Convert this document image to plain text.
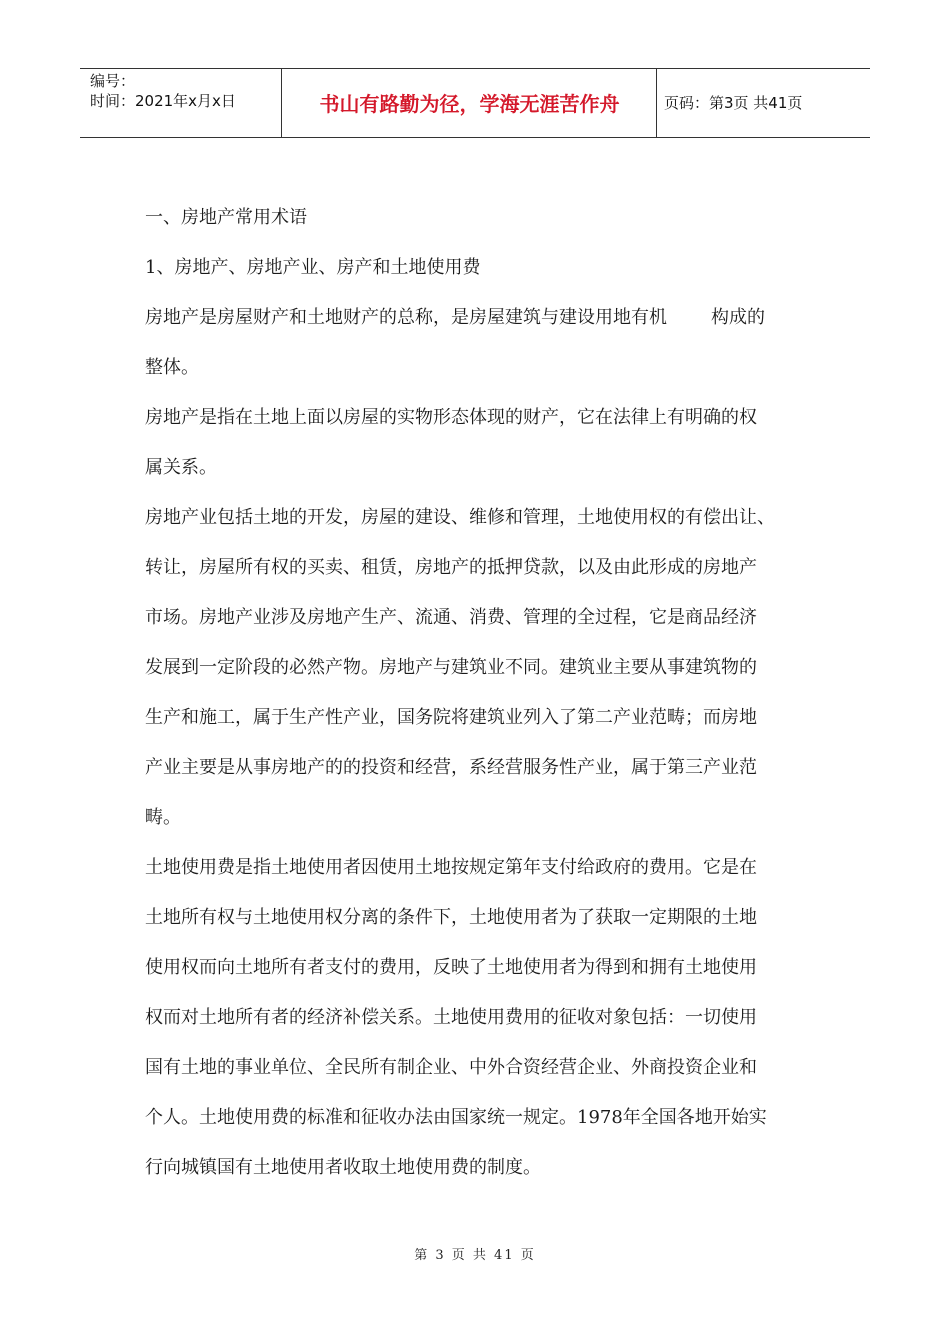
编号：
时间：2021年x月x日	书山有路勤为径，学海无涯苦作舟	页码：第3页 共41页
一、房地产常用术语
1、房地产、房地产业、房产和土地使用费
房地产是房屋财产和土地财产的总称，是房屋建筑与建设用地有机 构成的
整体。
房地产是指在土地上面以房屋的实物形态体现的财产，它在法律上有明确的权
属关系。
房地产业包括土地的开发，房屋的建设、维修和管理，土地使用权的有偿出让、
转让，房屋所有权的买卖、租赁，房地产的抵押贷款，以及由此形成的房地产
市场。房地产业涉及房地产生产、流通、消费、管理的全过程，它是商品经济
发展到一定阶段的必然产物。房地产与建筑业不同。建筑业主要从事建筑物的
生产和施工，属于生产性产业，国务院将建筑业列入了第二产业范畴；而房地
产业主要是从事房地产的的投资和经营，系经营服务性产业，属于第三产业范
畴。
土地使用费是指土地使用者因使用土地按规定第年支付给政府的费用。它是在
土地所有权与土地使用权分离的条件下，土地使用者为了获取一定期限的土地
使用权而向土地所有者支付的费用，反映了土地使用者为得到和拥有土地使用
权而对土地所有者的经济补偿关系。土地使用费用的征收对象包括：一切使用
国有土地的事业单位、全民所有制企业、中外合资经营企业、外商投资企业和
个人。土地使用费的标准和征收办法由国家统一规定。1978年全国各地开始实
行向城镇国有土地使用者收取土地使用费的制度。
第 3 页 共 41 页
